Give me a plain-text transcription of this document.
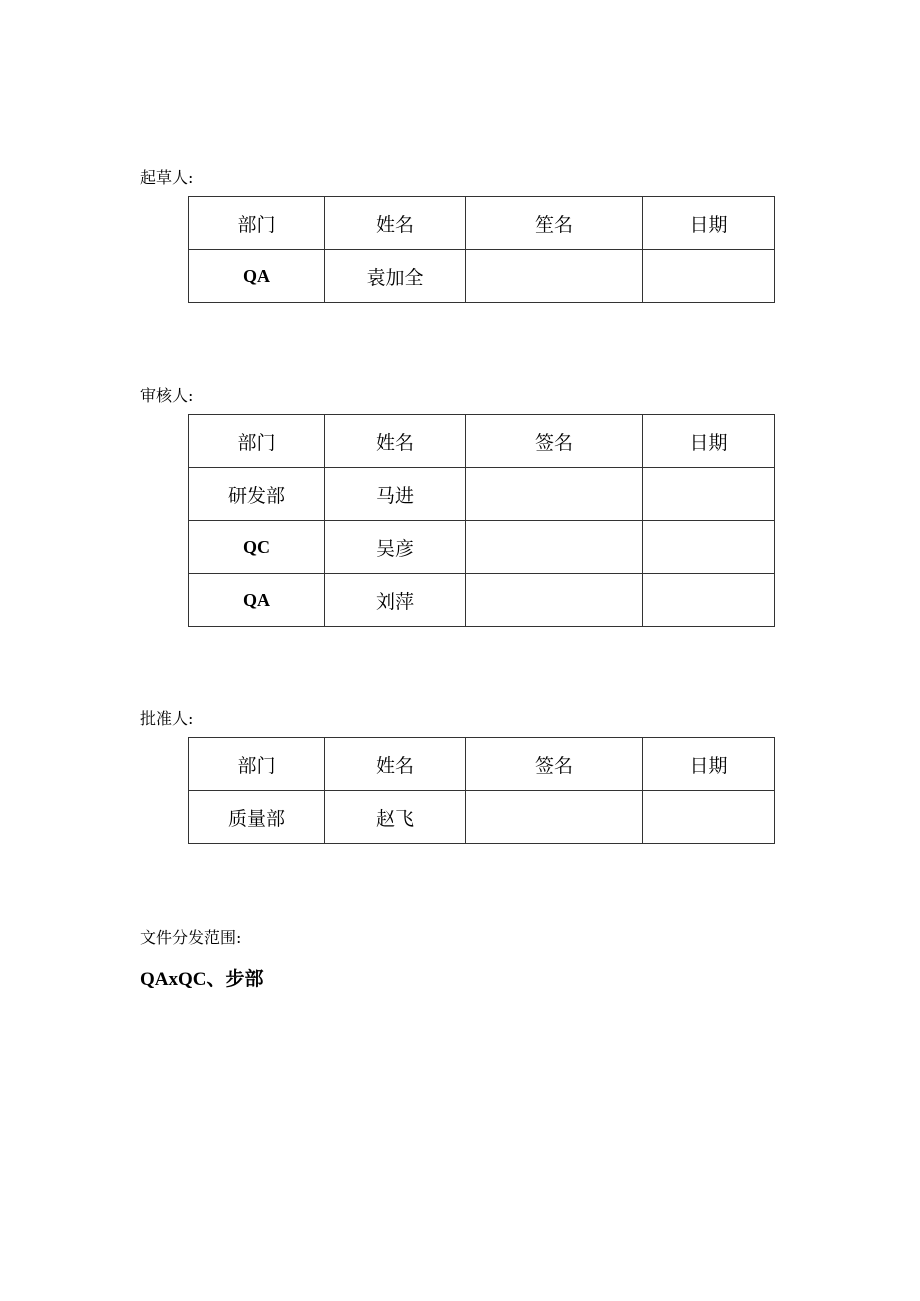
起草人:
部门	姓名	笙名	日期
QA	袁加全		
审核人:
部门	姓名	签名	日期
研发部	马进		
QC	吴彦		
QA	刘萍		
批准人:
部门	姓名	签名	日期
质量部	赵飞		
文件分发范围:
QAxQC、步部
